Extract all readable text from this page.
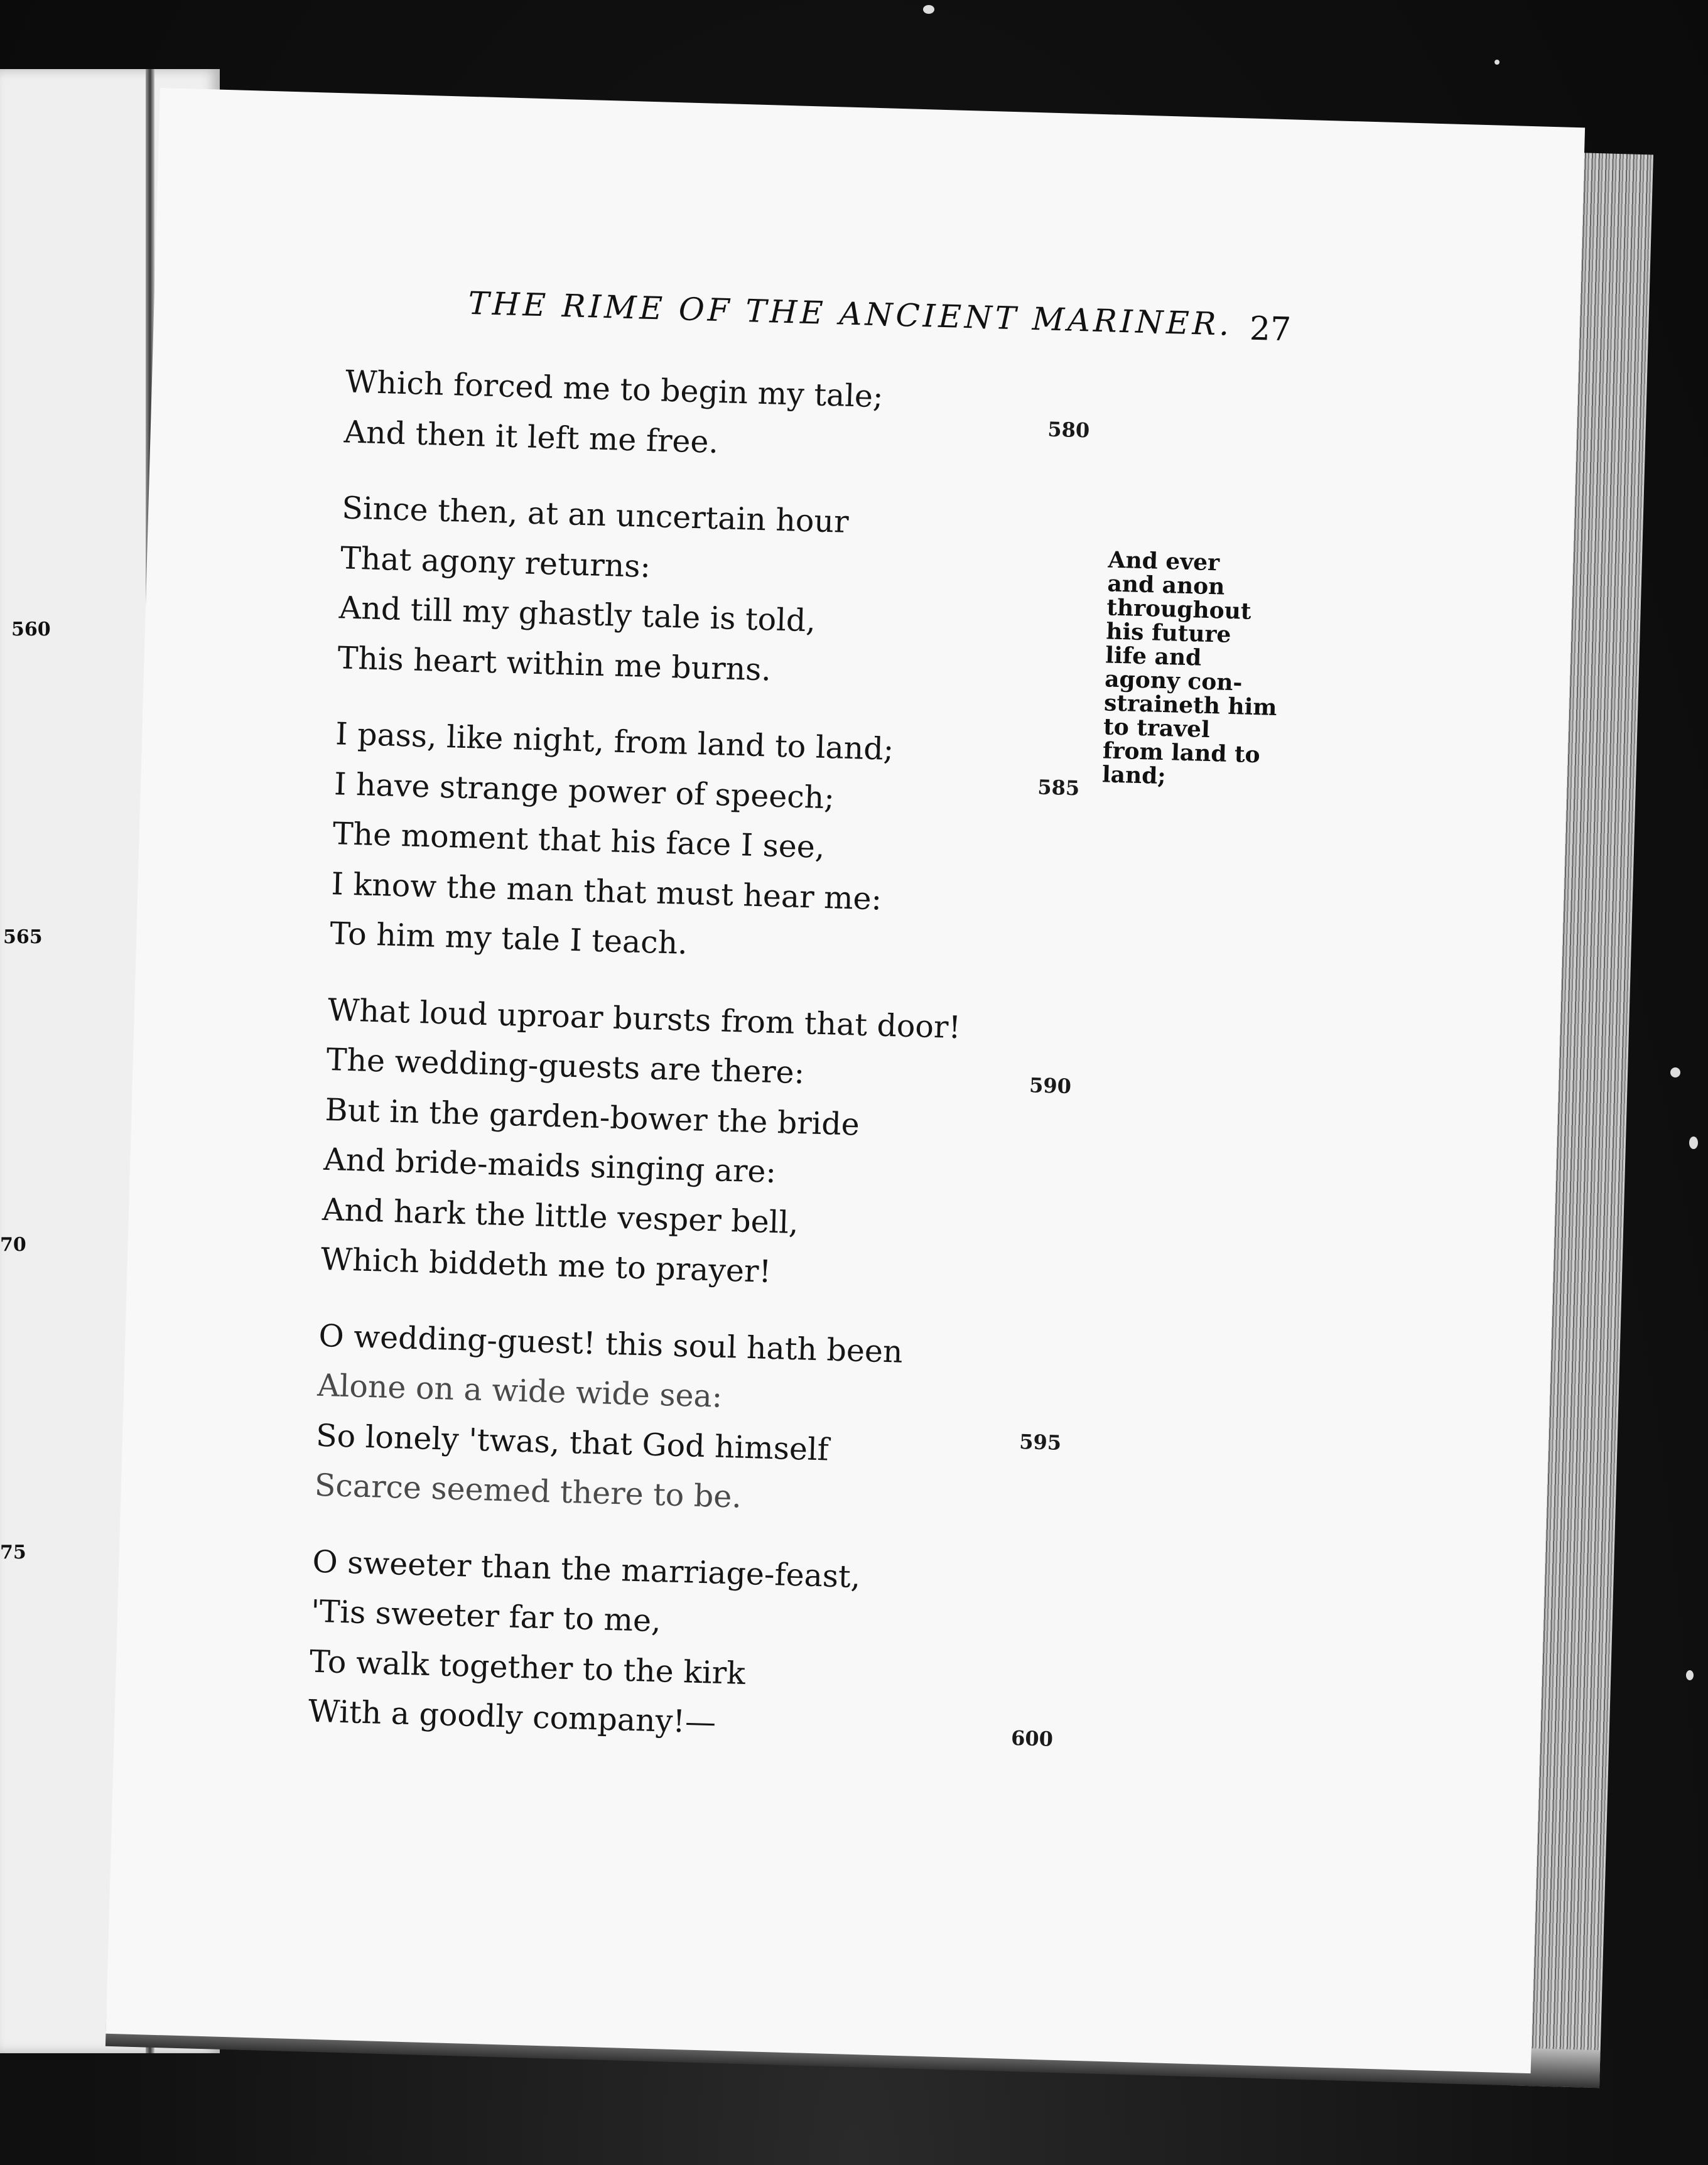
560
565
70
75
THE RIME OF THE ANCIENT MARINER. 27
Which forced me to begin my tale;
And then it left me free.
Since then, at an uncertain hour
That agony returns:
And till my ghastly tale is told,
This heart within me burns.
I pass, like night, from land to land;
I have strange power of speech;
The moment that his face I see,
I know the man that must hear me:
To him my tale I teach.
What loud uproar bursts from that door!
The wedding-guests are there:
But in the garden-bower the bride
And bride-maids singing are:
And hark the little vesper bell,
Which biddeth me to prayer!
O wedding-guest! this soul hath been
Alone on a wide wide sea:
So lonely 'twas, that God himself
Scarce seemed there to be.
O sweeter than the marriage-feast,
'Tis sweeter far to me,
To walk together to the kirk
With a goodly company!—
580
585
590
595
600
And ever
and anon
throughout
his future
life and
agony con-
straineth him
to travel
from land to
land;
